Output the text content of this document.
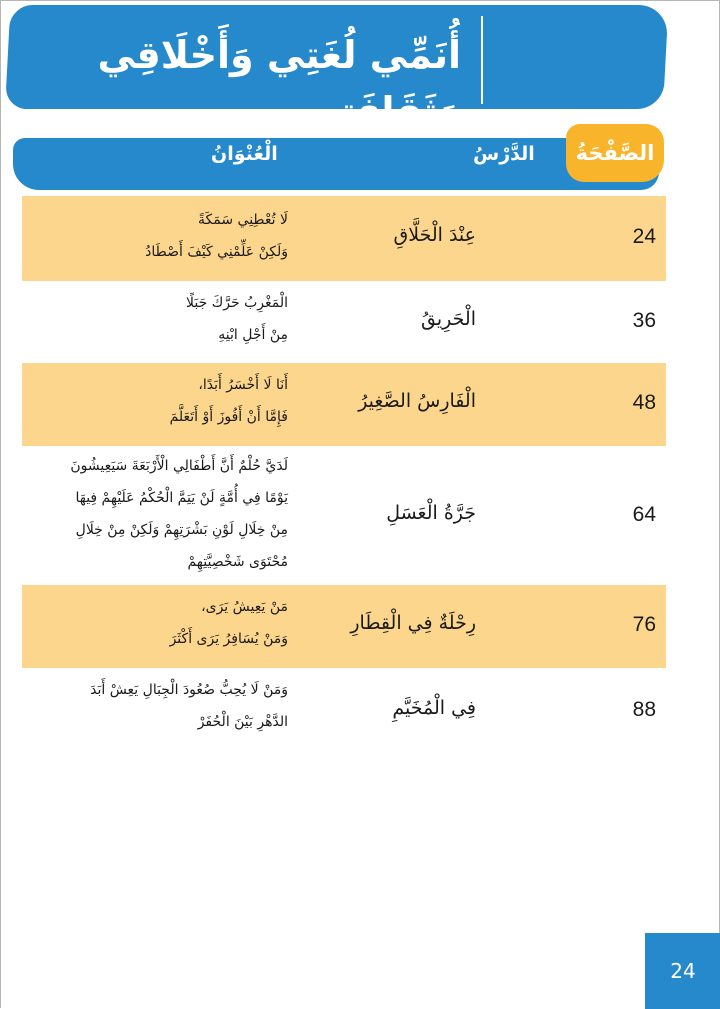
أُنَمِّي لُغَتِي وَأَخْلَاقِي وَثَقَافَتِي
الدَّرْسُ
الْعُنْوَانُ	الصَّفْحَةُ
24
عِنْدَ الْحَلَّاقِ
لَا تُعْطِنِي سَمَكَةً
وَلَكِنْ عَلِّمْنِي كَيْفَ أَصْطَادُ
36
الْحَرِيقُ
الْمَغْرِبُ حَرَّكَ جَبَلًا
مِنْ أَجْلِ ابْنِهِ
48
الْفَارِسُ الصَّغِيرُ
أَنَا لَا أَخْسَرُ أَبَدًا،
فَإِمَّا أَنْ أَفُوزَ أَوْ أَتَعَلَّمَ
64
جَرَّةُ الْعَسَلِ
لَدَيَّ حُلْمٌ أَنَّ أَطْفَالِي الْأَرْبَعَةَ سَيَعِيشُونَ
يَوْمًا فِي أُمَّةٍ لَنْ يَتِمَّ الْحُكْمُ عَلَيْهِمْ فِيهَا
مِنْ خِلَالِ لَوْنِ بَشْرَتِهِمْ وَلَكِنْ مِنْ خِلَالِ
مُحْتَوَى شَخْصِيَّتِهِمْ
76
رِحْلَةٌ فِي الْقِطَارِ
مَنْ يَعِيشُ يَرَى،
وَمَنْ يُسَافِرُ يَرَى أَكْثَرَ
88
فِي الْمُخَيَّمِ
وَمَنْ لَا يُحِبُّ صُعُودَ الْجِبَالِ يَعِشْ أَبَدَ
الدَّهْرِ بَيْنَ الْحُفَرْ
24
